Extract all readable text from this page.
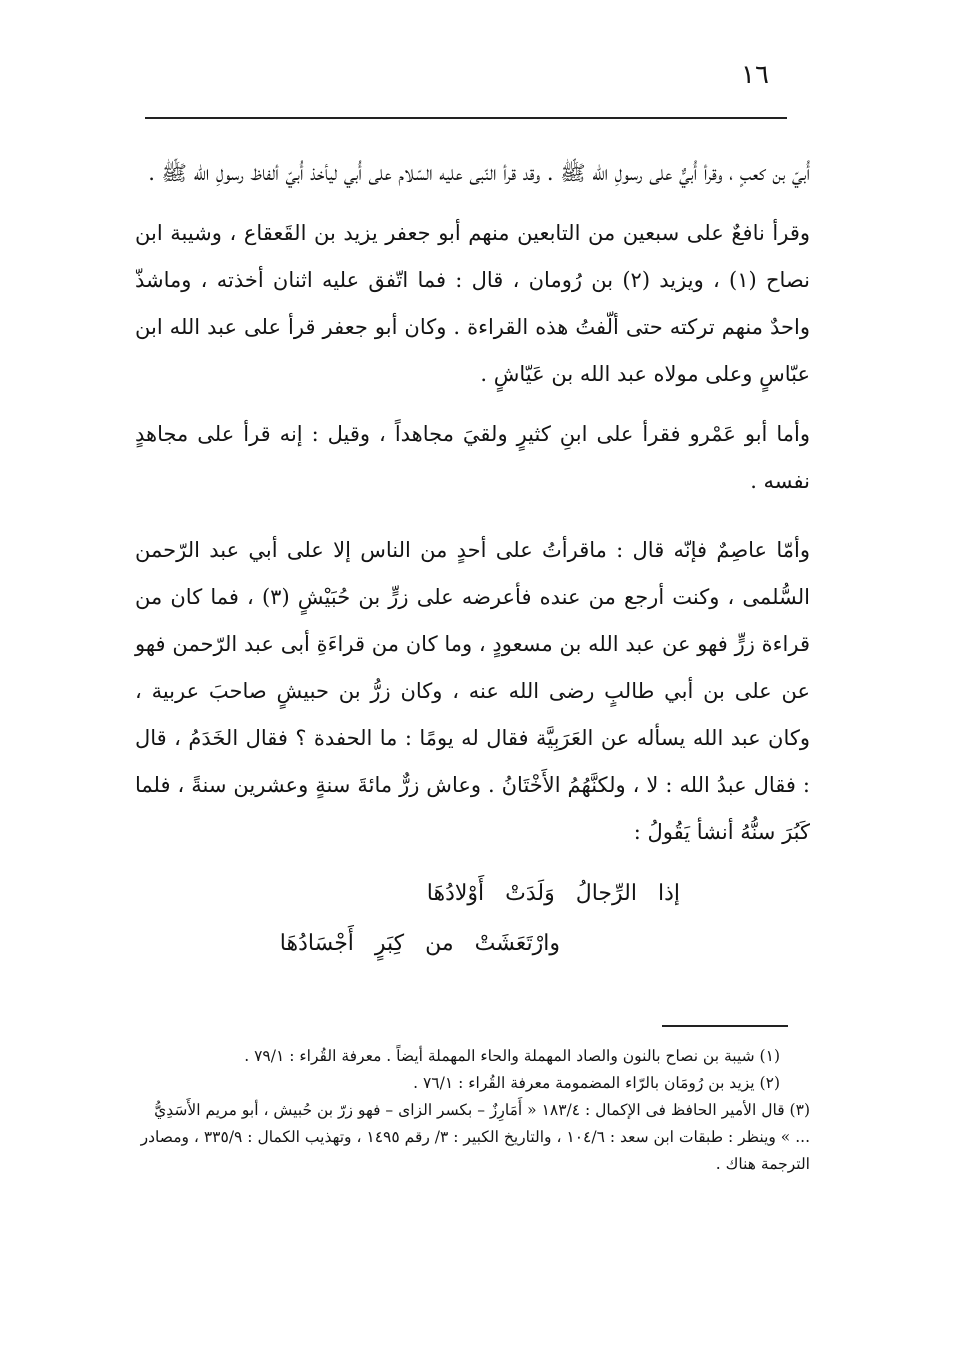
١٦

أُبيّ بن كعبٍ ، وقرأ أُبيٌّ على رسولِ الله ﷺ . وقد قرأ النّبى عليه السّلام على أُبي ليأخذ أُبيّ ألفاظ رسولِ الله ﷺ .

وقرأ نافعٌ على سبعين من التابعين منهم أبو جعفر يزيد بن القَعقاع ، وشيبة ابن نصاح (١) ، ويزيد (٢) بن رُومان ، قال : فما اتّفق عليه اثنان أخذته ، وماشذّ واحدٌ منهم تركته حتى ألّفتُ هذه القراءة . وكان أبو جعفر قرأ على عبد الله ابن عبّاسٍ وعلى مولاه عبد الله بن عَيّاشٍ .

وأما أبو عَمْرو فقرأ على ابنِ كثيرٍ ولقيَ مجاهداً ، وقيل : إنه قرأ على مجاهدٍ نفسه .

وأمّا عاصِمٌ فإنّه قال : ماقرأتُ على أحدٍ من الناس إلا على أبي عبد الرّحمن السُّلمى ، وكنت أرجع من عنده فأعرضه على زرٍّ بن حُبَيْشٍ (٣) ، فما كان من قراءة زرٍّ فهو عن عبد الله بن مسعودٍ ، وما كان من قراءَةِ أبى عبد الرّحمن فهو عن على بن أبي طالبٍ رضى الله عنه ، وكان زرُّ بن حبيشٍ صاحبَ عربية ، وكان عبد الله يسأله عن العَرَبِيَّة فقال له يومًا : ما الحفدة ؟ فقال الخَدَمُ ، قال : فقال عبدُ الله : لا ، ولكنَّهُمُ الأَخْتَانُ . وعاش زرٌّ مائةَ سنةٍ وعشرين سنةً ، فلما كَبُرَ سنُّهُ أنشأ يَقُولُ :

إذا الرِّجالُ وَلَدَتْ أَوْلادُهَا
وارْتَعَشَتْ من كِبَرٍ أَجْسَادُهَا

(١) شيبة بن نصاح بالنون والصاد المهملة والحاء المهملة أيضاً . معرفة القُراء : ٧٩/١ .

(٢) يزيد بن رُومَان بالرّاء المضمومة معرفة القُراء : ٧٦/١ .

(٣) قال الأمير الحافظ فى الإكمال : ١٨٣/٤ « أَمَارِزٌ – بكسر الزاى – فهو زرّ بن حُبيش ، أبو مريم الأَسَدِيُّ ... » وينظر : طبقات ابن سعد : ١٠٤/٦ ، والتاريخ الكبير : ٣/ رقم ١٤٩٥ ، وتهذيب الكمال : ٣٣٥/٩ ، ومصادر الترجمة هناك .
